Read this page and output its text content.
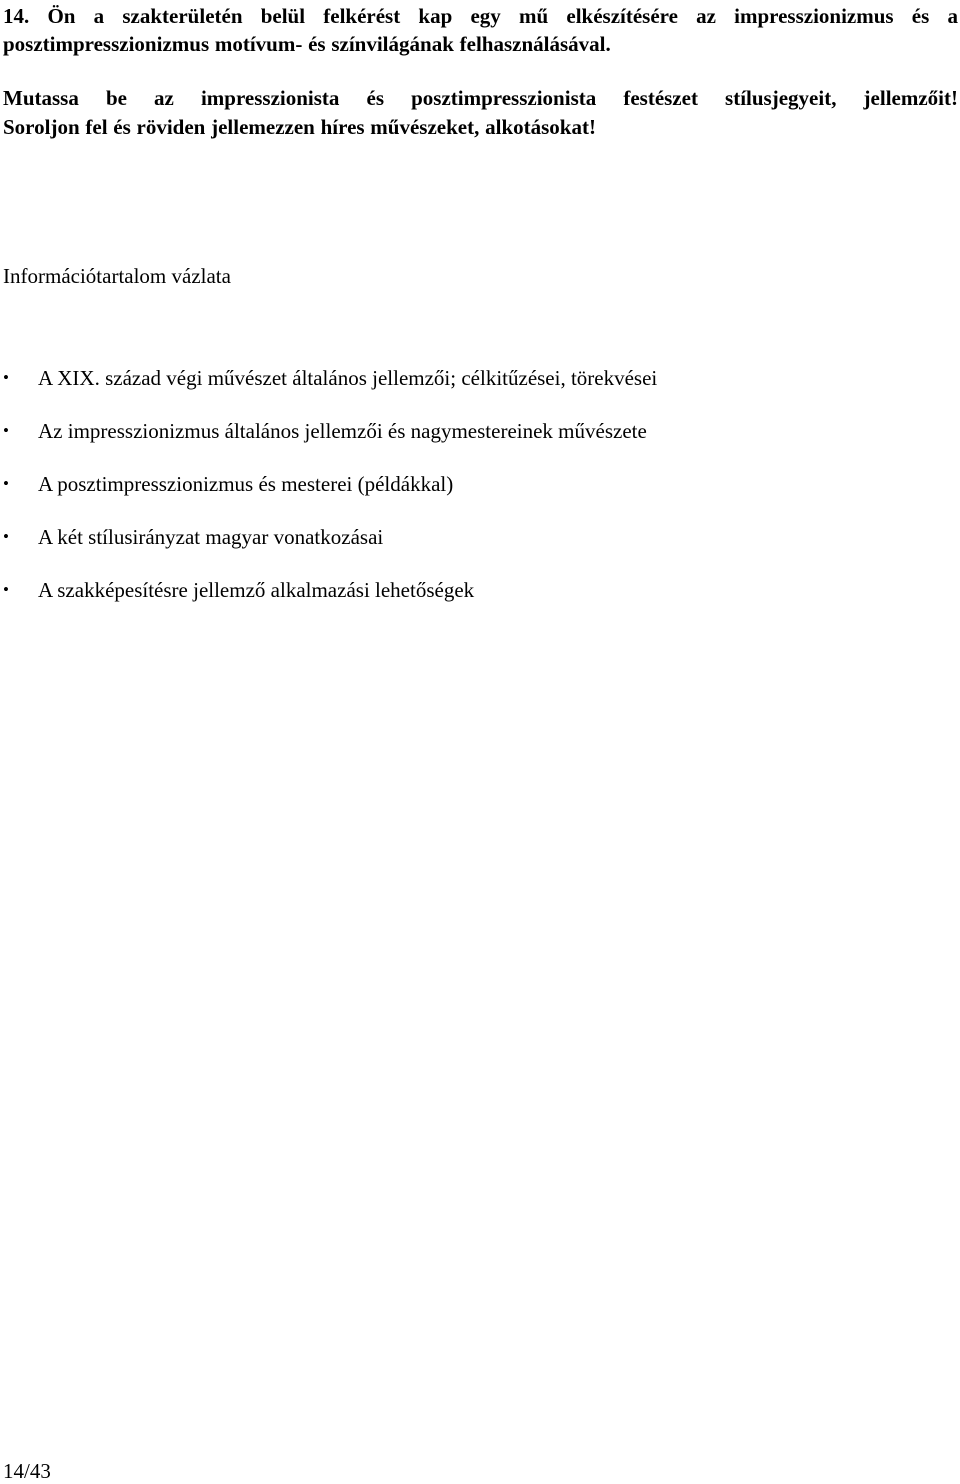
14. Ön a szakterületén belül felkérést kap egy mű elkészítésére az impresszionizmus és a posztimpresszionizmus motívum- és színvilágának felhasználásával.

Mutassa be az impresszionista és posztimpresszionista festészet stílusjegyeit, jellemzőit!
Soroljon fel és röviden jellemezzen híres művészeket, alkotásokat!

Információtartalom vázlata

• A XIX. század végi művészet általános jellemzői; célkitűzései, törekvései
• Az impresszionizmus általános jellemzői és nagymestereinek művészete
• A posztimpresszionizmus és mesterei (példákkal)
• A két stílusirányzat magyar vonatkozásai
• A szakképesítésre jellemző alkalmazási lehetőségek
14/43
